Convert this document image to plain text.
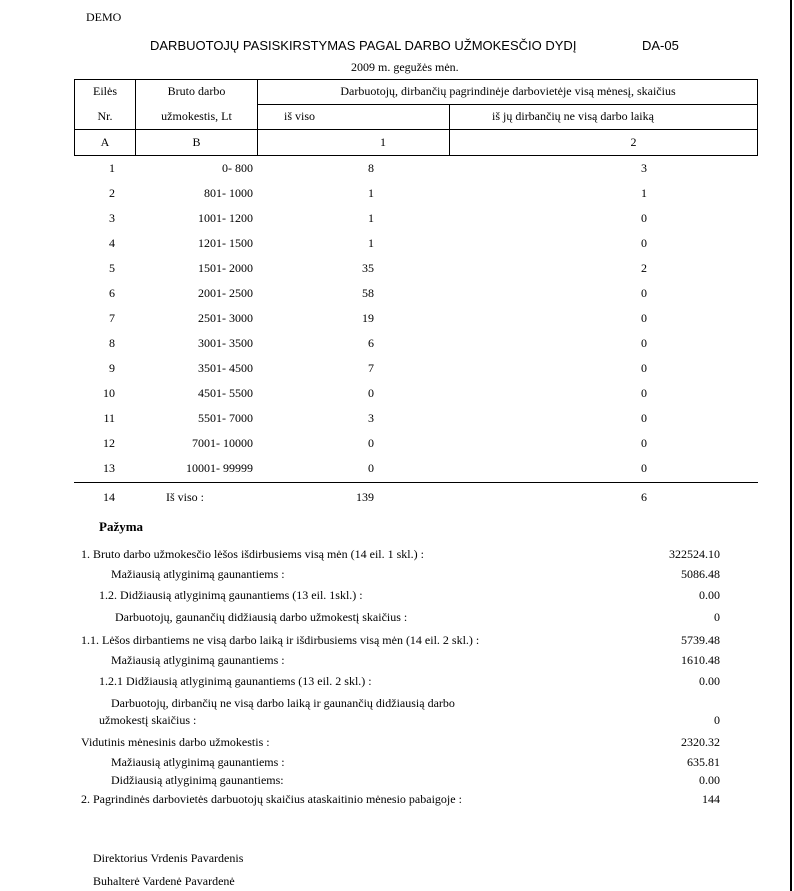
DEMO
DARBUOTOJŲ PASISKIRSTYMAS PAGAL DARBO UŽMOKESČIO DYDĮ	DA-05
2009 m. gegužės mėn.
Eilės
Nr.
Bruto darbo
užmokestis, Lt
Darbuotojų, dirbančių pagrindinėje darbovietėje visą mėnesį, skaičius
iš viso	iš jų dirbančių ne visą darbo laiką
A	B	1	2
1	0- 800	8	3
2	801- 1000	1	1
3	1001- 1200	1	0
4	1201- 1500	1	0
5	1501- 2000	35	2
6	2001- 2500	58	0
7	2501- 3000	19	0
8	3001- 3500	6	0
9	3501- 4500	7	0
10	4501- 5500	0	0
11	5501- 7000	3	0
12	7001- 10000	0	0
13	10001- 99999	0	0
14	Iš viso :	139	6
Pažyma
1. Bruto darbo užmokesčio lėšos išdirbusiems visą mėn (14 eil. 1 skl.) :	322524.10
Mažiausią atlyginimą gaunantiems :	5086.48
1.2. Didžiausią atlyginimą gaunantiems (13 eil. 1skl.) :	0.00
Darbuotojų, gaunančių didžiausią darbo užmokestį skaičius :	0
1.1. Lėšos dirbantiems ne visą darbo laiką ir išdirbusiems visą mėn (14 eil. 2 skl.) :	5739.48
Mažiausią atlyginimą gaunantiems :	1610.48
1.2.1 Didžiausią atlyginimą gaunantiems (13 eil. 2 skl.) :	0.00
Darbuotojų, dirbančių ne visą darbo laiką ir gaunančių didžiausią darbo
užmokestį skaičius :	0
Vidutinis mėnesinis darbo užmokestis :	2320.32
Mažiausią atlyginimą gaunantiems :	635.81
Didžiausią atlyginimą gaunantiems:	0.00
2. Pagrindinės darbovietės darbuotojų skaičius ataskaitinio mėnesio pabaigoje :	144
Direktorius Vrdenis Pavardenis
Buhalterė Vardenė Pavardenė
